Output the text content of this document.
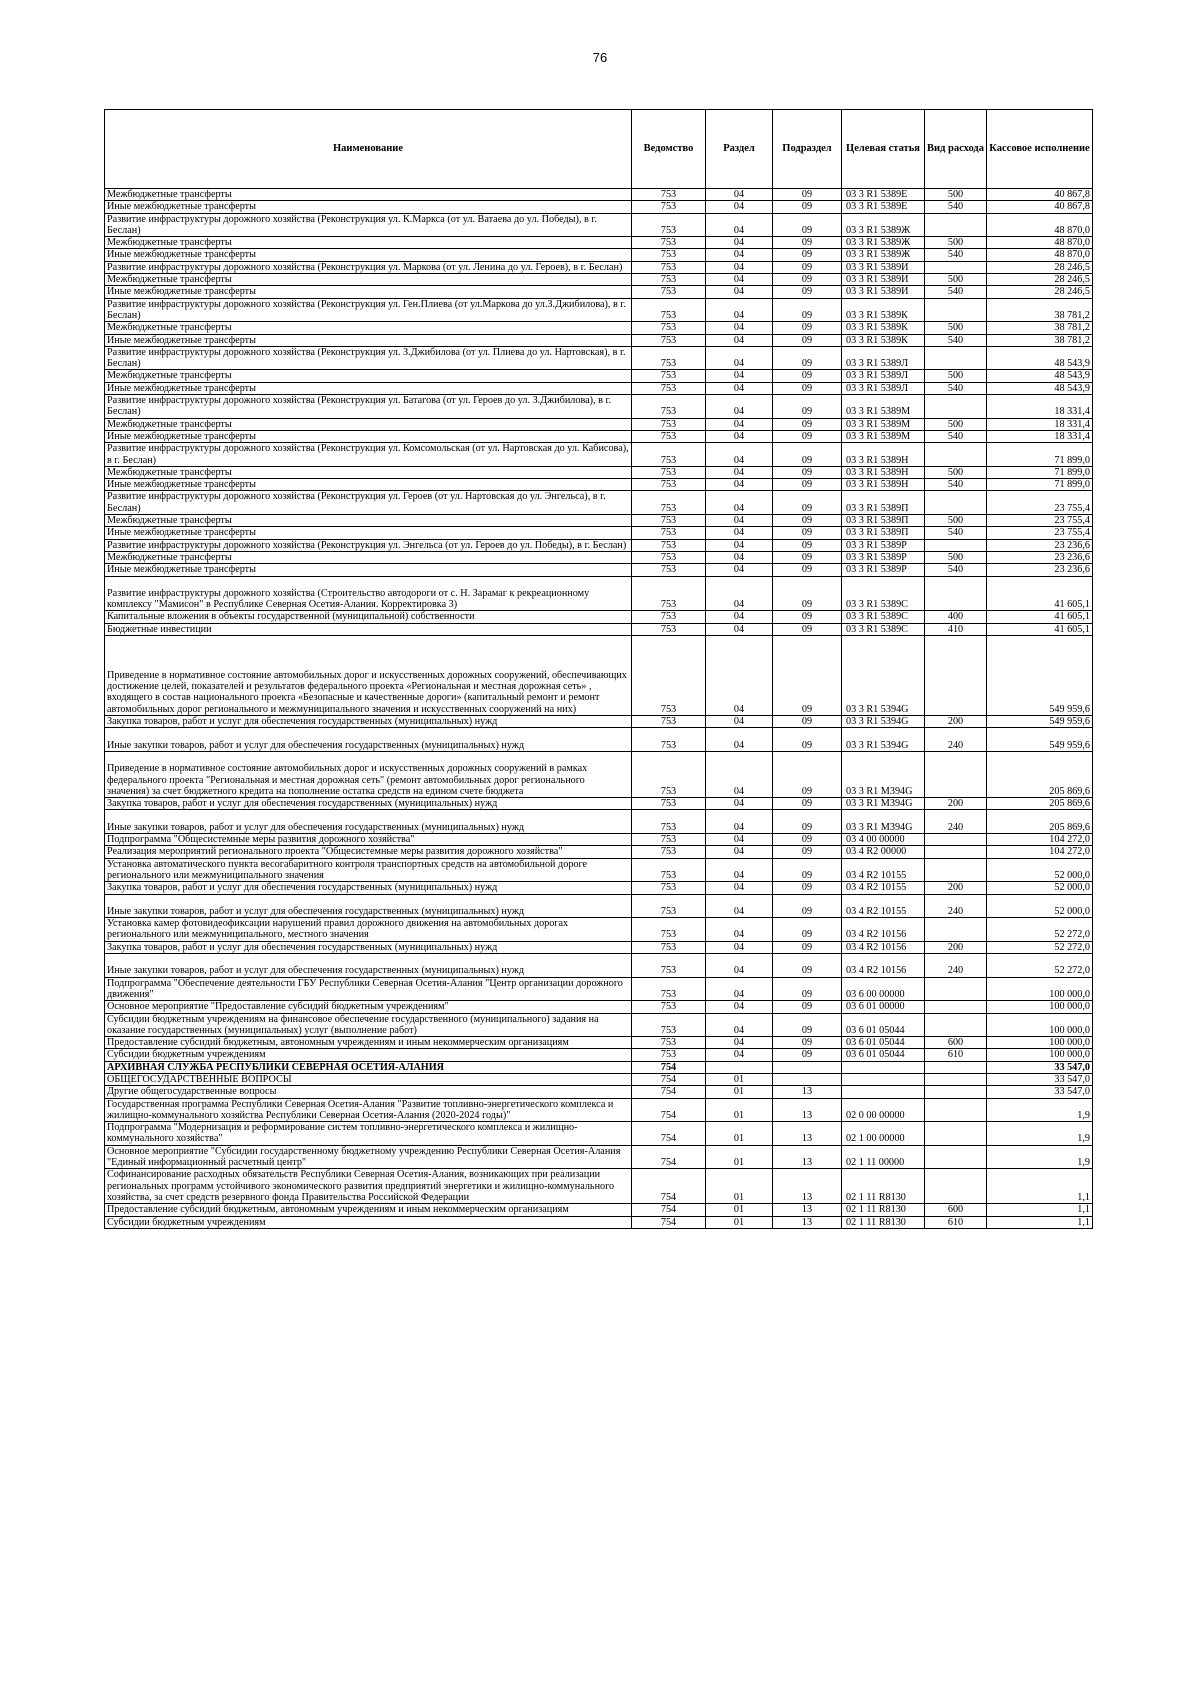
76
Наименование	Ведомство	Раздел	Подраздел	Целевая статья	Вид расхода	Кассовое исполнение
Межбюджетные трансферты	753	04	09	03 3 R1 5389Е	500	40 867,8
Иные межбюджетные трансферты	753	04	09	03 3 R1 5389Е	540	40 867,8
Развитие инфраструктуры дорожного хозяйства (Реконструкция ул. К.Маркса (от ул. Ватаева до ул. Победы), в г. Беслан)	753	04	09	03 3 R1 5389Ж		48 870,0
Межбюджетные трансферты	753	04	09	03 3 R1 5389Ж	500	48 870,0
Иные межбюджетные трансферты	753	04	09	03 3 R1 5389Ж	540	48 870,0
Развитие инфраструктуры дорожного хозяйства (Реконструкция ул. Маркова (от ул. Ленина до ул. Героев), в г. Беслан)	753	04	09	03 3 R1 5389И		28 246,5
Межбюджетные трансферты	753	04	09	03 3 R1 5389И	500	28 246,5
Иные межбюджетные трансферты	753	04	09	03 3 R1 5389И	540	28 246,5
Развитие инфраструктуры дорожного хозяйства (Реконструкция ул. Ген.Плиева (от ул.Маркова до ул.З.Джибилова), в г. Беслан)	753	04	09	03 3 R1 5389К		38 781,2
Межбюджетные трансферты	753	04	09	03 3 R1 5389К	500	38 781,2
Иные межбюджетные трансферты	753	04	09	03 3 R1 5389К	540	38 781,2
Развитие инфраструктуры дорожного хозяйства (Реконструкция ул. З.Джибилова (от ул. Плиева до ул. Нартовская), в г. Беслан)	753	04	09	03 3 R1 5389Л		48 543,9
Межбюджетные трансферты	753	04	09	03 3 R1 5389Л	500	48 543,9
Иные межбюджетные трансферты	753	04	09	03 3 R1 5389Л	540	48 543,9
Развитие инфраструктуры дорожного хозяйства (Реконструкция ул. Батагова (от ул. Героев до ул. З.Джибилова), в г. Беслан)	753	04	09	03 3 R1 5389М		18 331,4
Межбюджетные трансферты	753	04	09	03 3 R1 5389М	500	18 331,4
Иные межбюджетные трансферты	753	04	09	03 3 R1 5389М	540	18 331,4
Развитие инфраструктуры дорожного хозяйства (Реконструкция ул. Комсомольская (от ул. Нартовская до ул. Кабисова), в г. Беслан)	753	04	09	03 3 R1 5389Н		71 899,0
Межбюджетные трансферты	753	04	09	03 3 R1 5389Н	500	71 899,0
Иные межбюджетные трансферты	753	04	09	03 3 R1 5389Н	540	71 899,0
Развитие инфраструктуры дорожного хозяйства (Реконструкция ул. Героев (от ул. Нартовская до ул. Энгельса), в г. Беслан)	753	04	09	03 3 R1 5389П		23 755,4
Межбюджетные трансферты	753	04	09	03 3 R1 5389П	500	23 755,4
Иные межбюджетные трансферты	753	04	09	03 3 R1 5389П	540	23 755,4
Развитие инфраструктуры дорожного хозяйства (Реконструкция ул. Энгельса (от ул. Героев до ул. Победы), в г. Беслан)	753	04	09	03 3 R1 5389Р		23 236,6
Межбюджетные трансферты	753	04	09	03 3 R1 5389Р	500	23 236,6
Иные межбюджетные трансферты	753	04	09	03 3 R1 5389Р	540	23 236,6
Развитие инфраструктуры дорожного хозяйства (Строительство автодороги от с. Н. Зарамаг к рекреационному комплексу "Мамисон" в Республике Северная Осетия-Алания. Корректировка 3)	753	04	09	03 3 R1 5389С		41 605,1
Капитальные вложения в объекты государственной (муниципальной) собственности	753	04	09	03 3 R1 5389С	400	41 605,1
Бюджетные инвестиции	753	04	09	03 3 R1 5389С	410	41 605,1
Приведение в нормативное состояние автомобильных дорог и искусственных дорожных сооружений, обеспечивающих достижение целей, показателей и результатов федерального проекта «Региональная и местная дорожная сеть» , входящего в состав национального проекта «Безопасные и качественные дороги» (капитальный ремонт и ремонт автомобильных дорог регионального и межмуниципального значения и искусственных сооружений на них)	753	04	09	03 3 R1 5394G		549 959,6
Закупка товаров, работ и услуг для обеспечения государственных (муниципальных) нужд	753	04	09	03 3 R1 5394G	200	549 959,6
Иные закупки товаров, работ и услуг для обеспечения государственных (муниципальных) нужд	753	04	09	03 3 R1 5394G	240	549 959,6
Приведение в нормативное состояние автомобильных дорог и искусственных дорожных сооружений в рамках федерального проекта "Региональная и местная дорожная сеть" (ремонт автомобильных дорог регионального значения) за счет бюджетного кредита на пополнение остатка средств на едином счете бюджета	753	04	09	03 3 R1 М394G		205 869,6
Закупка товаров, работ и услуг для обеспечения государственных (муниципальных) нужд	753	04	09	03 3 R1 М394G	200	205 869,6
Иные закупки товаров, работ и услуг для обеспечения государственных (муниципальных) нужд	753	04	09	03 3 R1 М394G	240	205 869,6
Подпрограмма "Общесистемные меры развития дорожного хозяйства"	753	04	09	03 4 00 00000		104 272,0
Реализация мероприятий регионального проекта "Общесистемные меры развития дорожного хозяйства"	753	04	09	03 4 R2 00000		104 272,0
Установка автоматического пункта весогабаритного контроля транспортных средств на автомобильной дороге регионального или межмуниципального значения	753	04	09	03 4 R2 10155		52 000,0
Закупка товаров, работ и услуг для обеспечения государственных (муниципальных) нужд	753	04	09	03 4 R2 10155	200	52 000,0
Иные закупки товаров, работ и услуг для обеспечения государственных (муниципальных) нужд	753	04	09	03 4 R2 10155	240	52 000,0
Установка камер фотовидеофиксации нарушений правил дорожного движения на автомобильных дорогах регионального или межмуниципального, местного значения	753	04	09	03 4 R2 10156		52 272,0
Закупка товаров, работ и услуг для обеспечения государственных (муниципальных) нужд	753	04	09	03 4 R2 10156	200	52 272,0
Иные закупки товаров, работ и услуг для обеспечения государственных (муниципальных) нужд	753	04	09	03 4 R2 10156	240	52 272,0
Подпрограмма "Обеспечение деятельности ГБУ Республики Северная Осетия-Алания "Центр организации дорожного движения"	753	04	09	03 6 00 00000		100 000,0
Основное мероприятие "Предоставление субсидий бюджетным учреждениям"	753	04	09	03 6 01 00000		100 000,0
Субсидии бюджетным учреждениям на финансовое обеспечение государственного (муниципального) задания на оказание государственных (муниципальных) услуг (выполнение работ)	753	04	09	03 6 01 05044		100 000,0
Предоставление субсидий бюджетным, автономным учреждениям и иным некоммерческим организациям	753	04	09	03 6 01 05044	600	100 000,0
Субсидии бюджетным учреждениям	753	04	09	03 6 01 05044	610	100 000,0
АРХИВНАЯ СЛУЖБА РЕСПУБЛИКИ СЕВЕРНАЯ ОСЕТИЯ-АЛАНИЯ	754					33 547,0
ОБЩЕГОСУДАРСТВЕННЫЕ ВОПРОСЫ	754	01				33 547,0
Другие общегосударственные вопросы	754	01	13			33 547,0
Государственная программа Республики Северная Осетия-Алания "Развитие топливно-энергетического комплекса и жилищно-коммунального хозяйства Республики Северная Осетия-Алания (2020-2024 годы)"	754	01	13	02 0 00 00000		1,9
Подпрограмма "Модернизация и реформирование систем топливно-энергетического комплекса и жилищно-коммунального хозяйства"	754	01	13	02 1 00 00000		1,9
Основное мероприятие "Субсидии государственному бюджетному учреждению Республики Северная Осетия-Алания "Единый информационный расчетный центр"	754	01	13	02 1 11 00000		1,9
Софинансирование расходных обязательств Республики Северная Осетия-Алания, возникающих при реализации региональных программ устойчивого экономического развития предприятий энергетики и жилищно-коммунального хозяйства, за счет средств резервного фонда Правительства Российской Федерации	754	01	13	02 1 11 R8130		1,1
Предоставление субсидий бюджетным, автономным учреждениям и иным некоммерческим организациям	754	01	13	02 1 11 R8130	600	1,1
Субсидии бюджетным учреждениям	754	01	13	02 1 11 R8130	610	1,1
